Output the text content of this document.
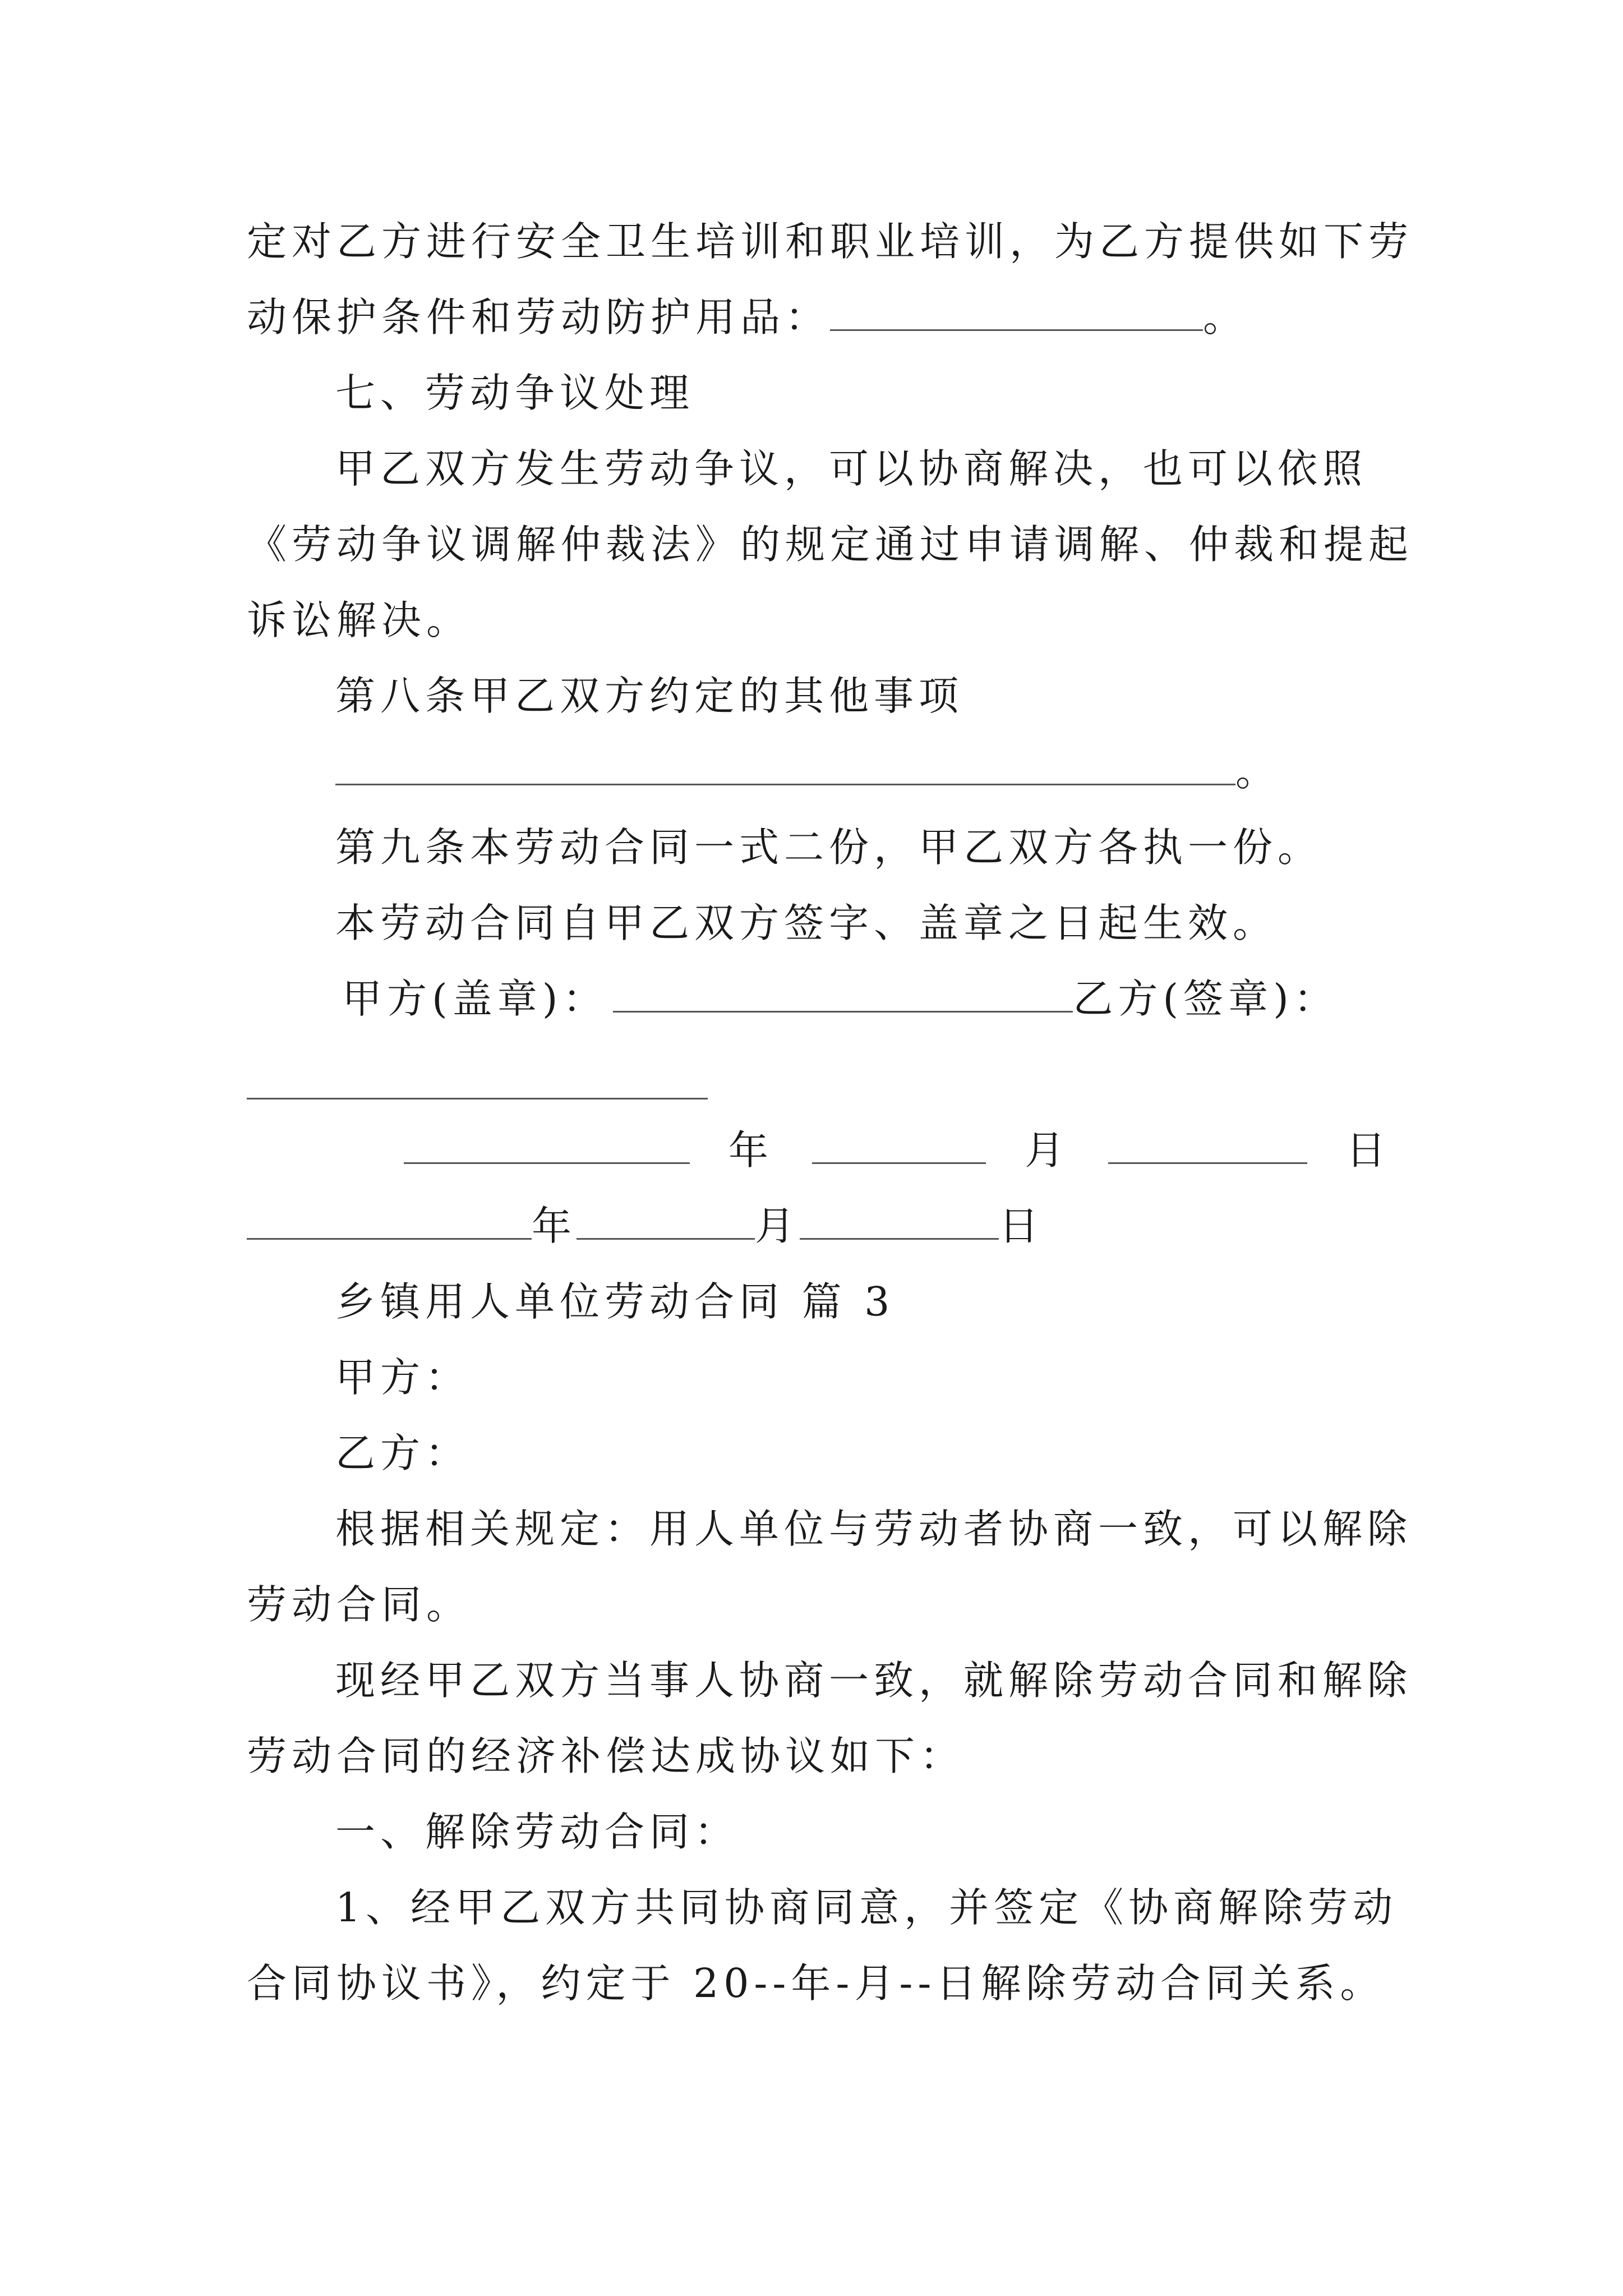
定对乙方进行安全卫生培训和职业培训，为乙方提供如下劳
动保护条件和劳动防护用品：	。
七、劳动争议处理
甲乙双方发生劳动争议，可以协商解决，也可以依照
《劳动争议调解仲裁法》的规定通过申请调解、仲裁和提起
诉讼解决。
第八条甲乙双方约定的其他事项
。
第九条本劳动合同一式二份，甲乙双方各执一份。
本劳动合同自甲乙双方签字、盖章之日起生效。
甲方(盖章)：	乙方(签章)：
年	月	日
年	月	日
乡镇用人单位劳动合同 篇 3
甲方：
乙方：
根据相关规定：用人单位与劳动者协商一致，可以解除
劳动合同。
现经甲乙双方当事人协商一致，就解除劳动合同和解除
劳动合同的经济补偿达成协议如下：
一、解除劳动合同：
1、经甲乙双方共同协商同意，并签定《协商解除劳动
合同协议书》，约定于 20--年-月--日解除劳动合同关系。
